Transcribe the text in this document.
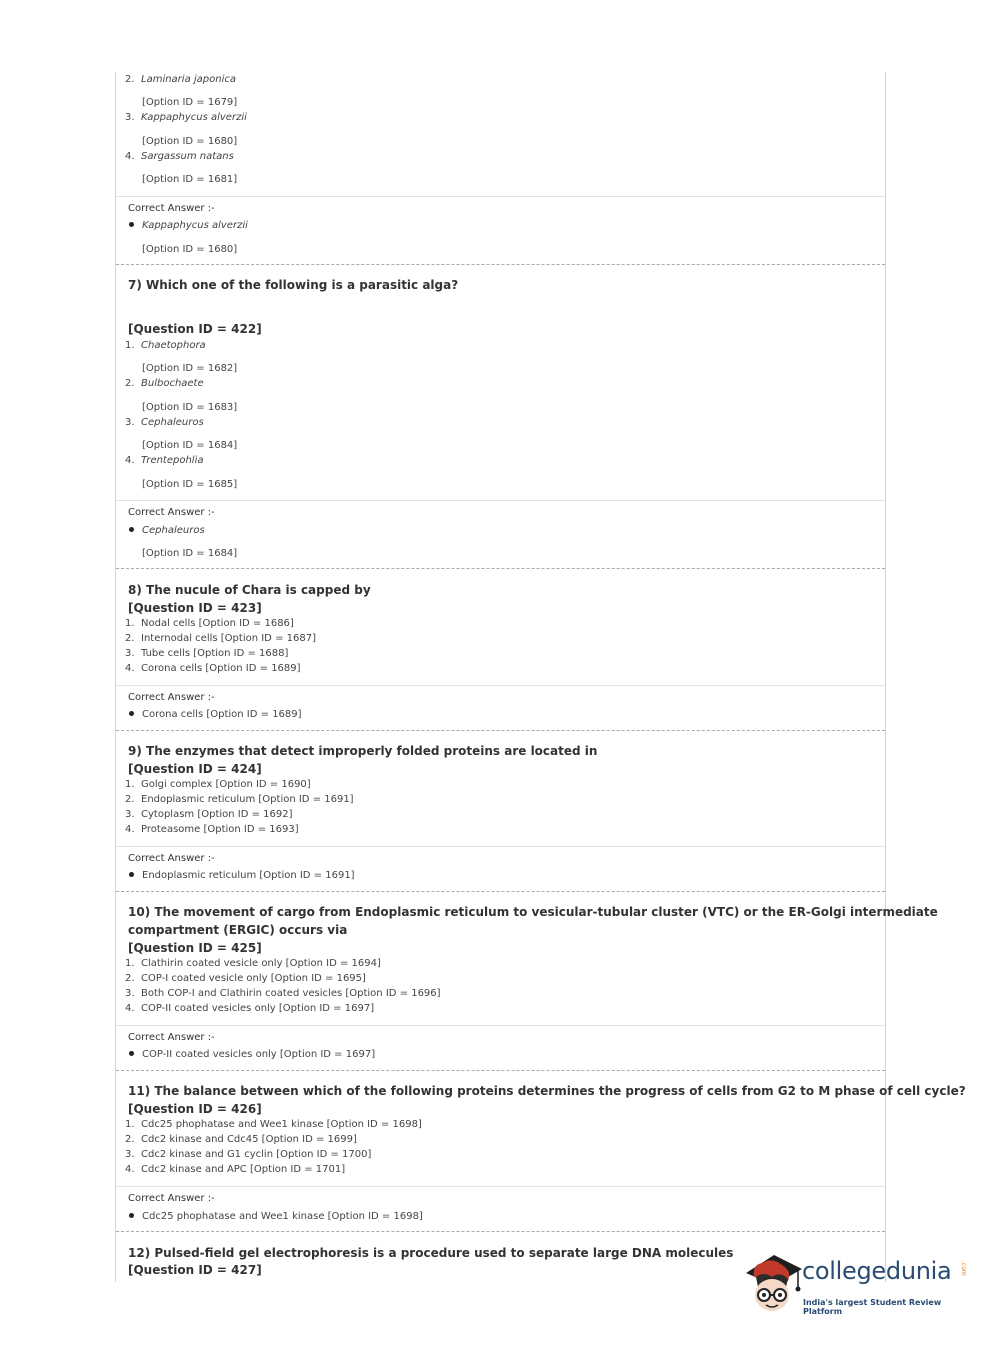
2. Laminaria japonica
[Option ID = 1679]
3. Kappaphycus alverzii
[Option ID = 1680]
4. Sargassum natans
[Option ID = 1681]
Correct Answer :-
Kappaphycus alverzii
[Option ID = 1680]
7) Which one of the following is a parasitic alga?
[Question ID = 422]
1. Chaetophora
[Option ID = 1682]
2. Bulbochaete
[Option ID = 1683]
3. Cephaleuros
[Option ID = 1684]
4. Trentepohlia
[Option ID = 1685]
Correct Answer :-
Cephaleuros
[Option ID = 1684]
8) The nucule of Chara is capped by
[Question ID = 423]
1. Nodal cells [Option ID = 1686]
2. Internodal cells [Option ID = 1687]
3. Tube cells [Option ID = 1688]
4. Corona cells [Option ID = 1689]
Correct Answer :-
Corona cells [Option ID = 1689]
9) The enzymes that detect improperly folded proteins are located in
[Question ID = 424]
1. Golgi complex [Option ID = 1690]
2. Endoplasmic reticulum [Option ID = 1691]
3. Cytoplasm [Option ID = 1692]
4. Proteasome [Option ID = 1693]
Correct Answer :-
Endoplasmic reticulum [Option ID = 1691]
10) The movement of cargo from Endoplasmic reticulum to vesicular-tubular cluster (VTC) or the ER-Golgi intermediate
compartment (ERGIC) occurs via
[Question ID = 425]
1. Clathirin coated vesicle only [Option ID = 1694]
2. COP-I coated vesicle only [Option ID = 1695]
3. Both COP-I and Clathirin coated vesicles [Option ID = 1696]
4. COP-II coated vesicles only [Option ID = 1697]
Correct Answer :-
COP-II coated vesicles only [Option ID = 1697]
11) The balance between which of the following proteins determines the progress of cells from G2 to M phase of cell cycle?
[Question ID = 426]
1. Cdc25 phophatase and Wee1 kinase [Option ID = 1698]
2. Cdc2 kinase and Cdc45 [Option ID = 1699]
3. Cdc2 kinase and G1 cyclin [Option ID = 1700]
4. Cdc2 kinase and APC [Option ID = 1701]
Correct Answer :-
Cdc25 phophatase and Wee1 kinase [Option ID = 1698]
12) Pulsed-field gel electrophoresis is a procedure used to separate large DNA molecules
[Question ID = 427]	collegedunia .com
India's largest Student Review Platform
